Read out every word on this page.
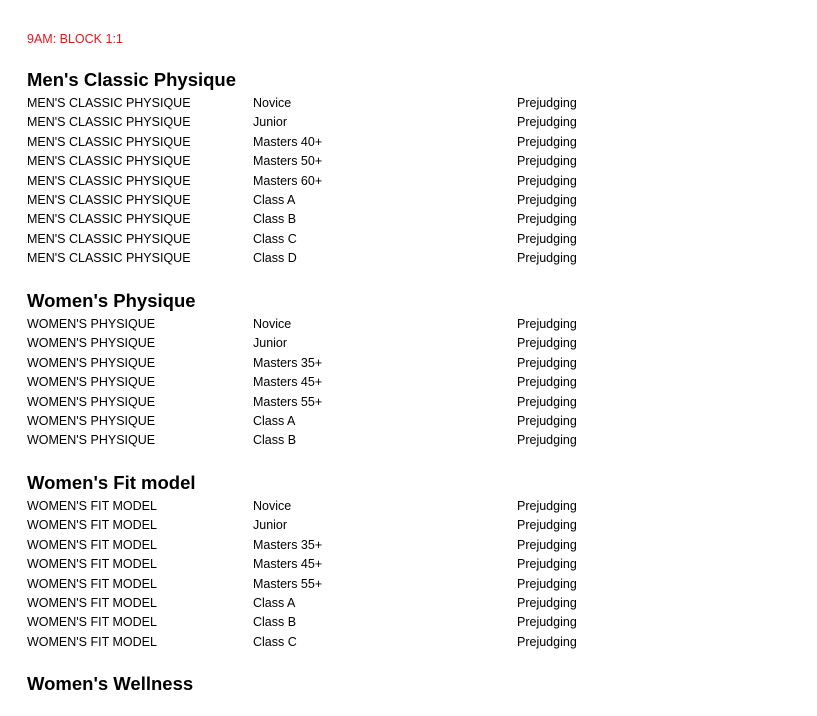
9AM: BLOCK 1:1
Men's Classic Physique
MEN'S CLASSIC PHYSIQUE	Novice	Prejudging
MEN'S CLASSIC PHYSIQUE	Junior	Prejudging
MEN'S CLASSIC PHYSIQUE	Masters 40+	Prejudging
MEN'S CLASSIC PHYSIQUE	Masters 50+	Prejudging
MEN'S CLASSIC PHYSIQUE	Masters 60+	Prejudging
MEN'S CLASSIC PHYSIQUE	Class A	Prejudging
MEN'S CLASSIC PHYSIQUE	Class B	Prejudging
MEN'S CLASSIC PHYSIQUE	Class C	Prejudging
MEN'S CLASSIC PHYSIQUE	Class D	Prejudging
Women's Physique
WOMEN'S PHYSIQUE	Novice	Prejudging
WOMEN'S PHYSIQUE	Junior	Prejudging
WOMEN'S PHYSIQUE	Masters 35+	Prejudging
WOMEN'S PHYSIQUE	Masters 45+	Prejudging
WOMEN'S PHYSIQUE	Masters 55+	Prejudging
WOMEN'S PHYSIQUE	Class A	Prejudging
WOMEN'S PHYSIQUE	Class B	Prejudging
Women's Fit model
WOMEN'S FIT MODEL	Novice	Prejudging
WOMEN'S FIT MODEL	Junior	Prejudging
WOMEN'S FIT MODEL	Masters 35+	Prejudging
WOMEN'S FIT MODEL	Masters 45+	Prejudging
WOMEN'S FIT MODEL	Masters 55+	Prejudging
WOMEN'S FIT MODEL	Class A	Prejudging
WOMEN'S FIT MODEL	Class B	Prejudging
WOMEN'S FIT MODEL	Class C	Prejudging
Women's Wellness
